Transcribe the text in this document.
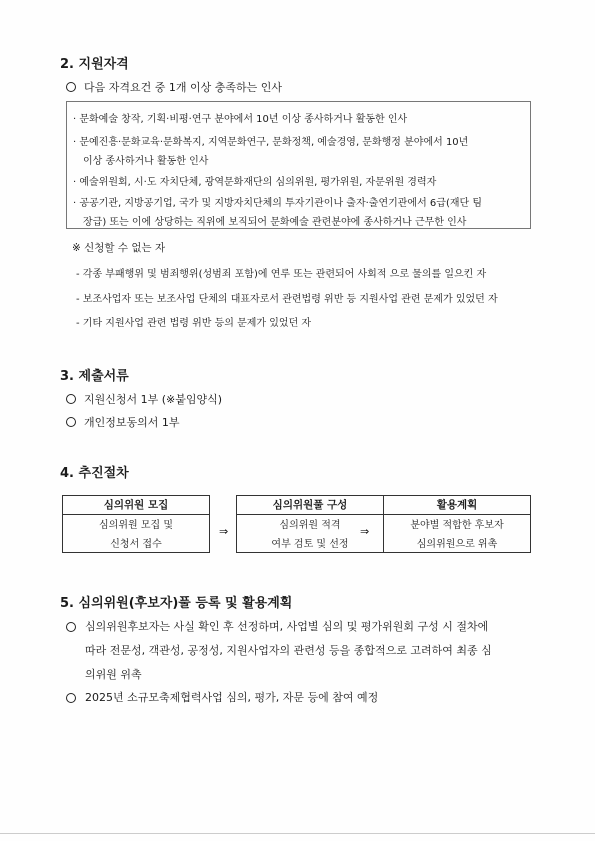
2. 지원자격
다음 자격요건 중 1개 이상 충족하는 인사
· 문화예술 창작, 기획·비평·연구 분야에서 10년 이상 종사하거나 활동한 인사
· 문예진흥·문화교육·문화복지, 지역문화연구, 문화정책, 예술경영, 문화행정 분야에서 10년
이상 종사하거나 활동한 인사
· 예술위원회, 시·도 자치단체, 광역문화재단의 심의위원, 평가위원, 자문위원 경력자
· 공공기관, 지방공기업, 국가 및 지방자치단체의 투자기관이나 출자·출연기관에서 6급(재단 팀
장급) 또는 이에 상당하는 직위에 보직되어 문화예술 관련분야에 종사하거나 근무한 인사
※ 신청할 수 없는 자
- 각종 부패행위 및 범죄행위(성범죄 포함)에 연루 또는 관련되어 사회적 으로 물의를 일으킨 자
- 보조사업자 또는 보조사업 단체의 대표자로서 관련법령 위반 등 지원사업 관련 문제가 있었던 자
- 기타 지원사업 관련 법령 위반 등의 문제가 있었던 자
3. 제출서류
지원신청서 1부 (※붙임양식)
개인정보동의서 1부
4. 추진절차
심의위원 모집
심의위원 모집 및
신청서 접수
⇒
심의위원풀 구성
심의위원 적격
여부 검토 및 선정
⇒
활용계획
분야별 적합한 후보자
심의위원으로 위촉
5. 심의위원(후보자)풀 등록 및 활용계획
심의위원후보자는 사실 확인 후 선정하며, 사업별 심의 및 평가위원회 구성 시 절차에
따라 전문성, 객관성, 공정성, 지원사업자의 관련성 등을 종합적으로 고려하여 최종 심
의위원 위촉
2025년 소규모축제협력사업 심의, 평가, 자문 등에 참여 예정
